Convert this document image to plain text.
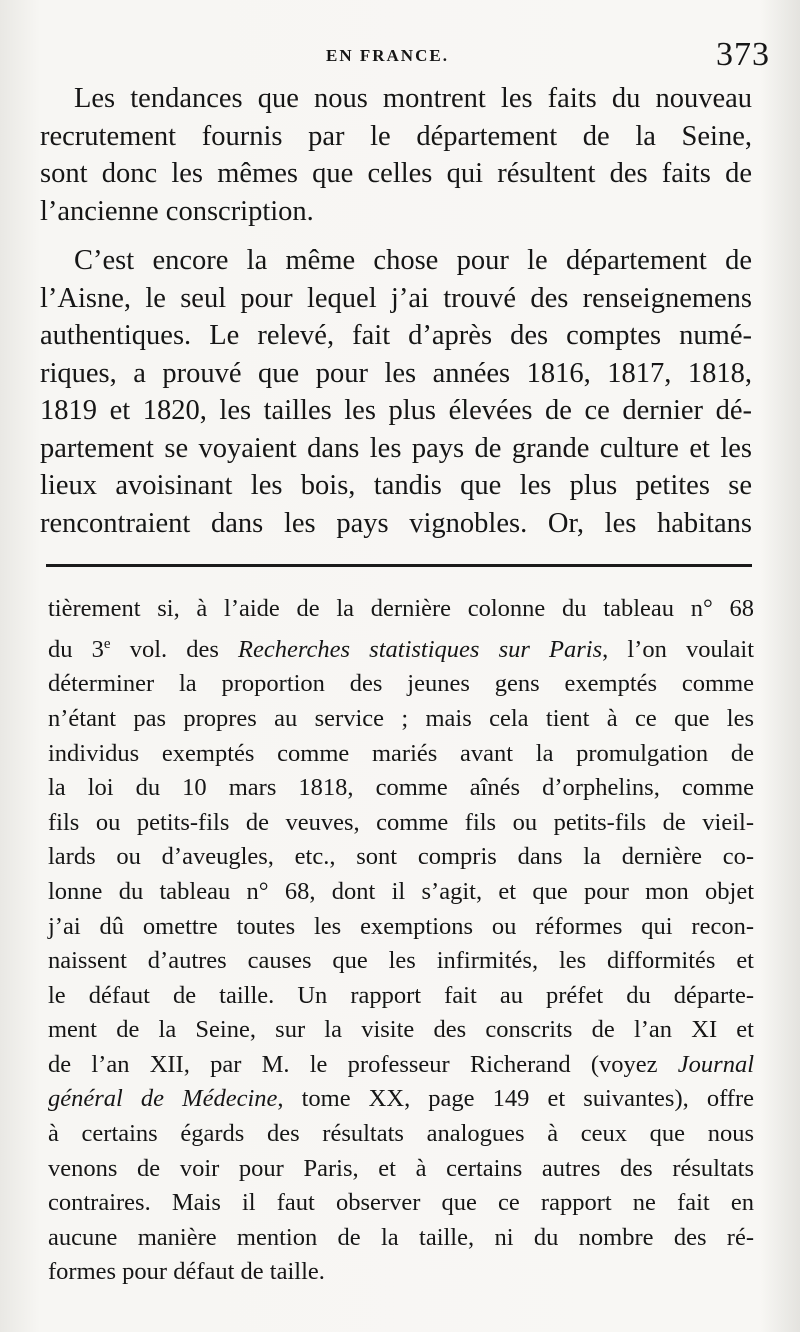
EN FRANCE.	373

Les tendances que nous montrent les faits du nouveau
recrutement fournis par le département de la Seine,
sont donc les mêmes que celles qui résultent des faits de
l’ancienne conscription.

C’est encore la même chose pour le département de
l’Aisne, le seul pour lequel j’ai trouvé des renseignemens
authentiques. Le relevé, fait d’après des comptes numé-
riques, a prouvé que pour les années 1816, 1817, 1818,
1819 et 1820, les tailles les plus élevées de ce dernier dé-
partement se voyaient dans les pays de grande culture et les
lieux avoisinant les bois, tandis que les plus petites se
rencontraient dans les pays vignobles. Or, les habitans

tièrement si, à l’aide de la dernière colonne du tableau n° 68
du 3e vol. des Recherches statistiques sur Paris, l’on voulait
déterminer la proportion des jeunes gens exemptés comme
n’étant pas propres au service ; mais cela tient à ce que les
individus exemptés comme mariés avant la promulgation de
la loi du 10 mars 1818, comme aînés d’orphelins, comme
fils ou petits-fils de veuves, comme fils ou petits-fils de vieil-
lards ou d’aveugles, etc., sont compris dans la dernière co-
lonne du tableau n° 68, dont il s’agit, et que pour mon objet
j’ai dû omettre toutes les exemptions ou réformes qui recon-
naissent d’autres causes que les infirmités, les difformités et
le défaut de taille. Un rapport fait au préfet du départe-
ment de la Seine, sur la visite des conscrits de l’an XI et
de l’an XII, par M. le professeur Richerand (voyez Journal
général de Médecine, tome XX, page 149 et suivantes), offre
à certains égards des résultats analogues à ceux que nous
venons de voir pour Paris, et à certains autres des résultats
contraires. Mais il faut observer que ce rapport ne fait en
aucune manière mention de la taille, ni du nombre des ré-
formes pour défaut de taille.
